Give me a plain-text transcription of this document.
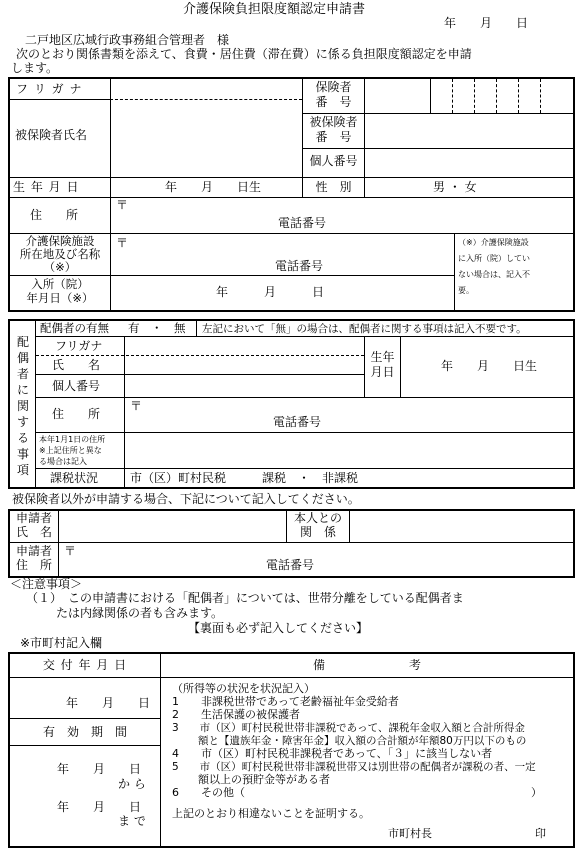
介護保険負担限度額認定申請書
年　　月　　日
二戸地区広域行政事務組合管理者　様
次のとおり関係書類を添えて、食費・居住費（滞在費）に係る負担限度額認定を申請
します。
フ リ ガ ナ
被保険者氏名
保険者
番　号
被保険者
番　号
個人番号
生 年 月 日	年　　月　　日生	性　別	男 ・ 女
住　　所
〒
電話番号
介護保険施設
所在地及び名称
（※）
〒
電話番号
（※）介護保険施設
に入所（院）してい
ない場合は、記入不
要。
入所（院）
年月日（※）	年　　　月　　　日
配
偶
者
に
関
す
る
事
項
配偶者の有無 有　・　無 左記において「無」の場合は、配偶者に関する事項は記入不要です。
フリガナ
氏　　名
個人番号
生年
月日	年　　月　　日生
住　　所
〒
電話番号
本年1月1日の住所
※上記住所と異な
る場合は記入
課税状況	市（区）町村民税　　　課税　・　非課税
被保険者以外が申請する場合、下記について記入してください。
申請者
氏　名
本人との
関　係
申請者
住　所
〒
電話番号
＜注意事項＞
（１）　この申請書における「配偶者」については、世帯分離をしている配偶者ま
たは内縁関係の者も含みます。
【裏面も必ず記入してください】
※市町村記入欄
交 付 年 月 日	備　　　　　　　考
年　　月　　日
有　効　期　間
年　　月　　日
か ら
年　　月　　日
ま で
（所得等の状況を状況記入）
1　　非課税世帯であって老齢福祉年金受給者
2　　生活保護の被保護者
3　　市（区）町村民税世帯非課税であって、課税年金収入額と合計所得金
額と【遺族年金・障害年金】収入額の合計額が年額80万円以下のもの
4　　市（区）町村民税非課税者であって、「３」に該当しない者
5　　市（区）町村民税世帯非課税世帯又は別世帯の配偶者が課税の者、一定
額以上の預貯金等がある者
6　　その他（　　　　　　　　　　　　　　　　　　　　　　　　　　）
上記のとおり相違ないことを証明する。
市町村長	印
